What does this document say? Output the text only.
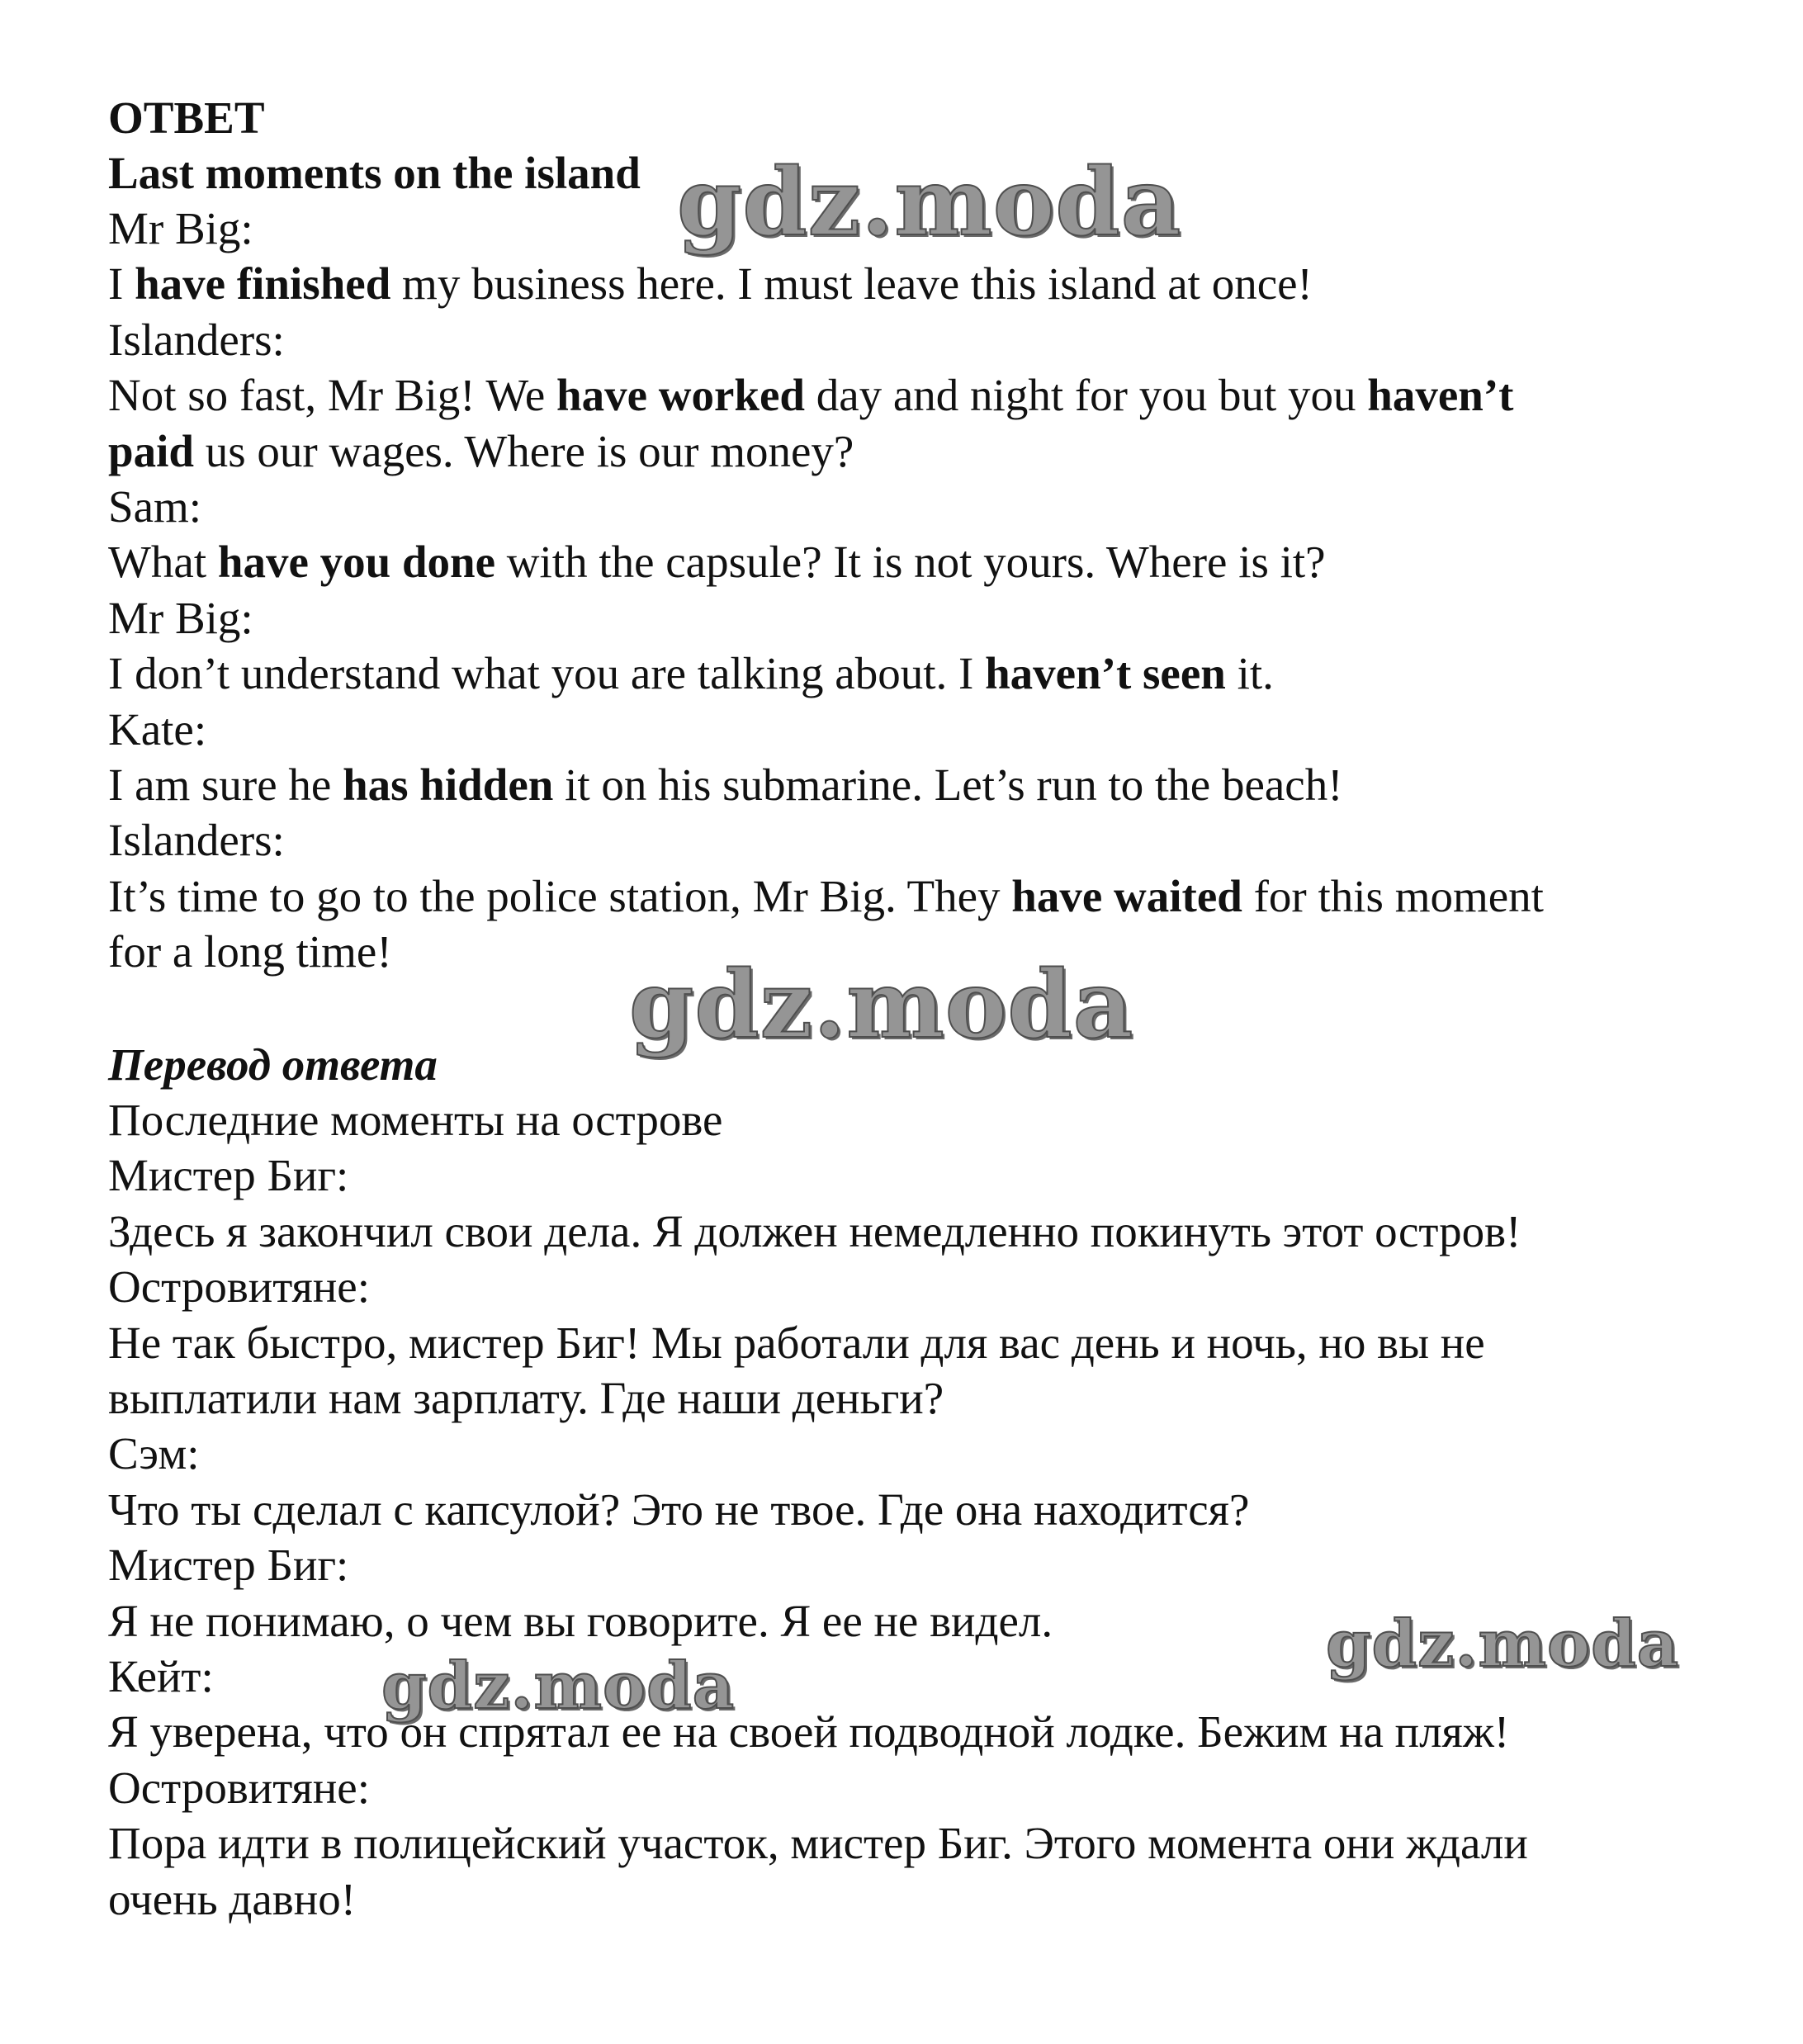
ОТВЕТ

Last moments on the island

Mr Big:

I have finished my business here. I must leave this island at once!

Islanders:

Not so fast, Mr Big! We have worked day and night for you but you haven’t

paid us our wages. Where is our money?

Sam:

What have you done with the capsule? It is not yours. Where is it?

Mr Big:

I don’t understand what you are talking about. I haven’t seen it.

Kate:

I am sure he has hidden it on his submarine. Let’s run to the beach!

Islanders:

It’s time to go to the police station, Mr Big. They have waited for this moment

for a long time!

Перевод ответа

Последние моменты на острове

Мистер Биг:

Здесь я закончил свои дела. Я должен немедленно покинуть этот остров!

Островитяне:

Не так быстро, мистер Биг! Мы работали для вас день и ночь, но вы не

выплатили нам зарплату. Где наши деньги?

Сэм:

Что ты сделал с капсулой? Это не твое. Где она находится?

Мистер Биг:

Я не понимаю, о чем вы говорите. Я ее не видел.

Кейт:

Я уверена, что он спрятал ее на своей подводной лодке. Бежим на пляж!

Островитяне:

Пора идти в полицейский участок, мистер Биг. Этого момента они ждали

очень давно!

gdz.moda
gdz.moda
gdz.moda
gdz.moda
